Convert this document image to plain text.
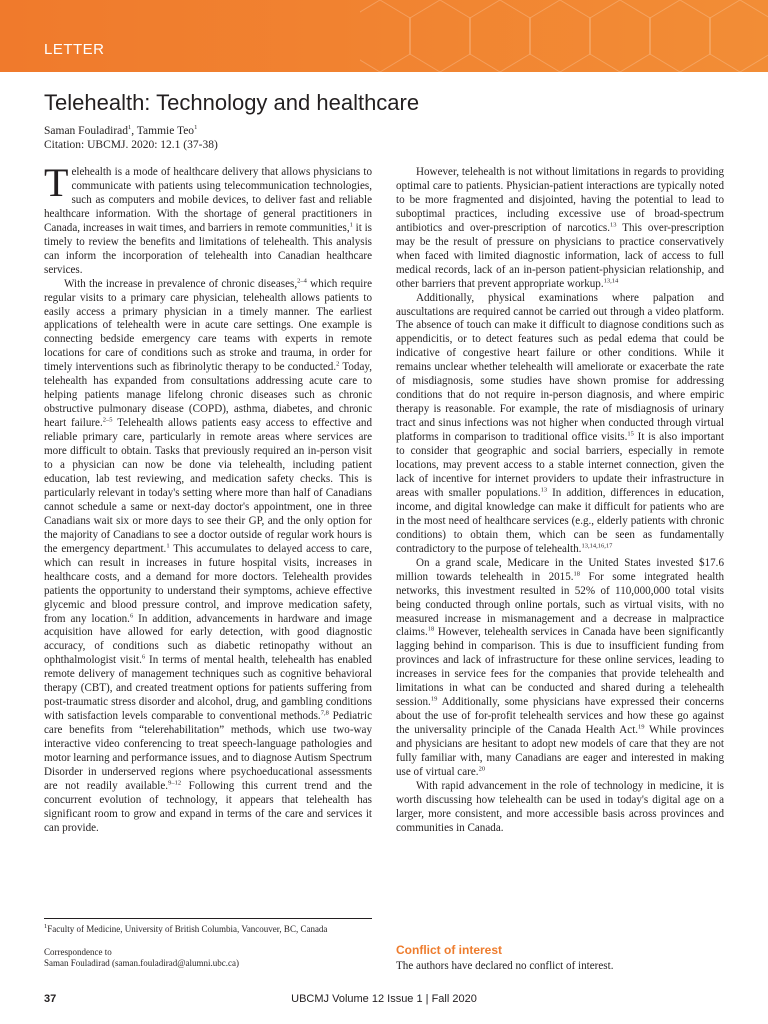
LETTER
Telehealth: Technology and healthcare
Saman Fouladirad$^1$, Tammie Teo$^1$
Citation: UBCMJ. 2020: 12.1 (37-38)

Telehealth is a mode of healthcare delivery that allows physicians to communicate with patients using telecommunication technologies, such as computers and mobile devices, to deliver fast and reliable healthcare information. With the shortage of general practitioners in Canada, increases in wait times, and barriers in remote communities,$^1$ it is timely to review the benefits and limitations of telehealth. This analysis can inform the incorporation of telehealth into Canadian healthcare services.

With the increase in prevalence of chronic diseases,$^{2-4}$ which require regular visits to a primary care physician, telehealth allows patients to easily access a primary physician in a timely manner. The earliest applications of telehealth were in acute care settings. One example is connecting bedside emergency care teams with experts in remote locations for care of conditions such as stroke and trauma, in order for timely interventions such as fibrinolytic therapy to be conducted.$^2$ Today, telehealth has expanded from consultations addressing acute care to helping patients manage lifelong chronic diseases such as chronic obstructive pulmonary disease (COPD), asthma, diabetes, and chronic heart failure.$^{2-5}$ Telehealth allows patients easy access to effective and reliable primary care, particularly in remote areas where services are more difficult to obtain. Tasks that previously required an in-person visit to a physician can now be done via telehealth, including patient education, lab test reviewing, and medication safety checks. This is particularly relevant in today's setting where more than half of Canadians cannot schedule a same or next-day doctor's appointment, one in three Canadians wait six or more days to see their GP, and the only option for the majority of Canadians to see a doctor outside of regular work hours is the emergency department.$^1$ This accumulates to delayed access to care, which can result in increases in future hospital visits, increases in healthcare costs, and a demand for more doctors. Telehealth provides patients the opportunity to understand their symptoms, achieve effective glycemic and blood pressure control, and improve medication safety, from any location.$^6$ In addition, advancements in hardware and image acquisition have allowed for early detection, with good diagnostic accuracy, of conditions such as diabetic retinopathy without an ophthalmologist visit.$^6$ In terms of mental health, telehealth has enabled remote delivery of management techniques such as cognitive behavioral therapy (CBT), and created treatment options for patients suffering from post-traumatic stress disorder and alcohol, drug, and gambling conditions with satisfaction levels comparable to conventional methods.$^{7,8}$ Pediatric care benefits from “telerehabilitation” methods, which use two-way interactive video conferencing to treat speech-language pathologies and motor learning and performance issues, and to diagnose Autism Spectrum Disorder in underserved regions where psychoeducational assessments are not readily available.$^{9-12}$ Following this current trend and the concurrent evolution of technology, it appears that telehealth has significant room to grow and expand in terms of the care and services it can provide.

However, telehealth is not without limitations in regards to providing optimal care to patients. Physician-patient interactions are typically noted to be more fragmented and disjointed, having the potential to lead to suboptimal practices, including excessive use of broad-spectrum antibiotics and over-prescription of narcotics.$^{13}$ This over-prescription may be the result of pressure on physicians to practice conservatively when faced with limited diagnostic information, lack of access to full medical records, lack of an in-person patient-physician relationship, and other barriers that prevent appropriate workup.$^{13,14}$

Additionally, physical examinations where palpation and auscultations are required cannot be carried out through a video platform. The absence of touch can make it difficult to diagnose conditions such as appendicitis, or to detect features such as pedal edema that could be indicative of congestive heart failure or other conditions. While it remains unclear whether telehealth will ameliorate or exacerbate the rate of misdiagnosis, some studies have shown promise for addressing conditions that do not require in-person diagnosis, and where empiric therapy is reasonable. For example, the rate of misdiagnosis of urinary tract and sinus infections was not higher when conducted through virtual platforms in comparison to traditional office visits.$^{15}$ It is also important to consider that geographic and social barriers, especially in remote locations, may prevent access to a stable internet connection, given the lack of incentive for internet providers to update their infrastructure in areas with smaller populations.$^{13}$ In addition, differences in education, income, and digital knowledge can make it difficult for patients who are in the most need of healthcare services (e.g., elderly patients with chronic conditions) to obtain them, which can be seen as fundamentally contradictory to the purpose of telehealth.$^{13,14,16,17}$

On a grand scale, Medicare in the United States invested $17.6 million towards telehealth in 2015.18 For some integrated health networks, this investment resulted in 52% of 110,000,000 total visits being conducted through online portals, such as virtual visits, with no measured increase in mismanagement and a decrease in malpractice claims.$^{18}$ However, telehealth services in Canada have been significantly lagging behind in comparison. This is due to insufficient funding from provinces and lack of infrastructure for these online services, leading to increases in service fees for the companies that provide telehealth and limitations in what can be conducted and shared during a telehealth session.$^{19}$ Additionally, some physicians have expressed their concerns about the use of for-profit telehealth services and how these go against the universality principle of the Canada Health Act.$^{19}$ While provinces and physicians are hesitant to adopt new models of care that they are not fully familiar with, many Canadians are eager and interested in making use of virtual care.$^{20}$

With rapid advancement in the role of technology in medicine, it is worth discussing how telehealth can be used in today's digital age on a larger, more consistent, and more accessible basis across provinces and communities in Canada.

$^1$Faculty of Medicine, University of British Columbia, Vancouver, BC, Canada

Correspondence to

Saman Fouladirad (saman.fouladirad@alumni.ubc.ca)

Conflict of interest
The authors have declared no conflict of interest.
37	UBCMJ Volume 12 Issue 1 | Fall 2020
